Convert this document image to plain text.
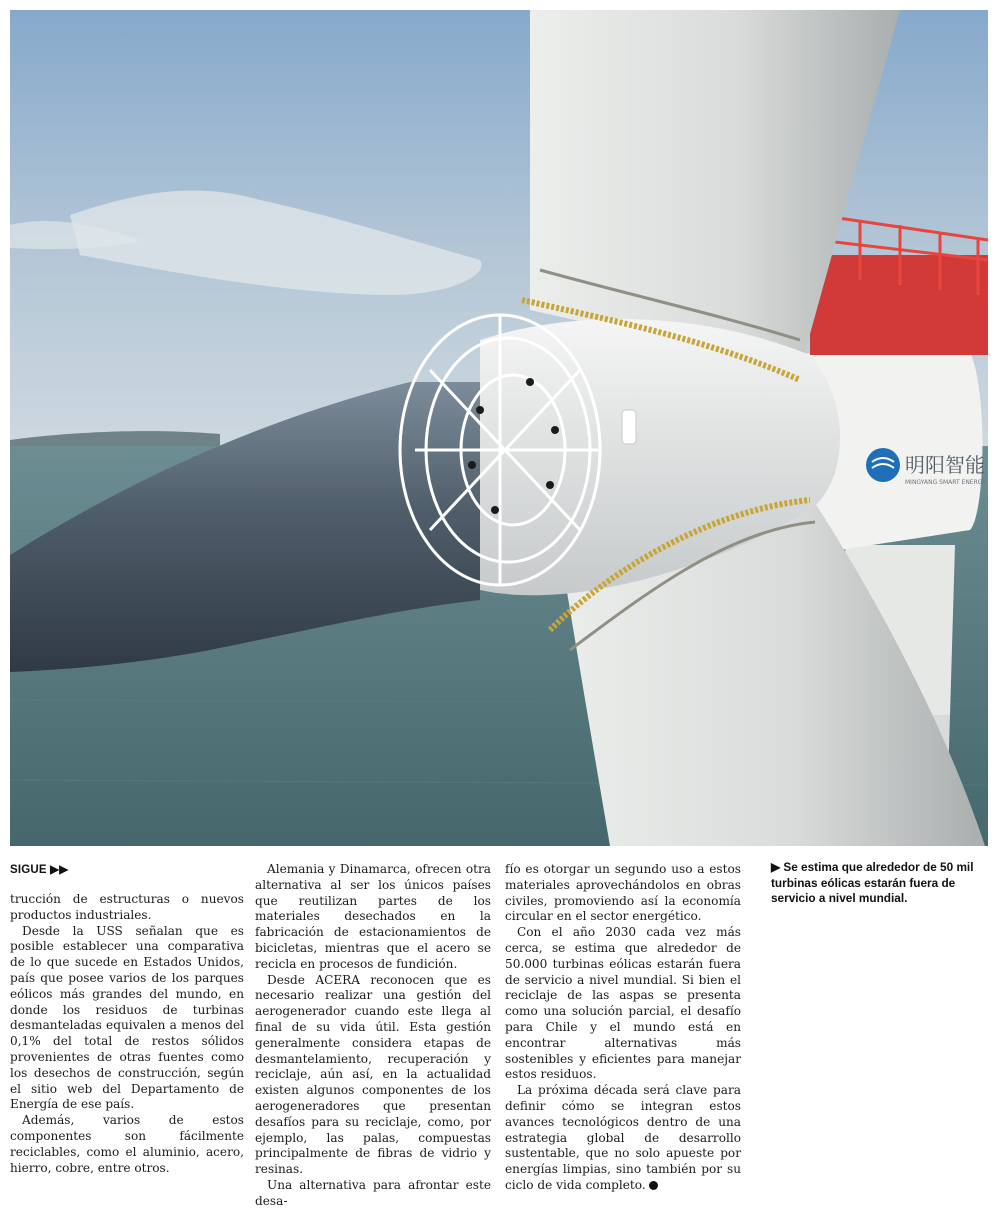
明阳智能
MINGYANG SMART ENERGY
SIGUE ▶▶

trucción de estructuras o nuevos productos industriales.

Desde la USS señalan que es posible establecer una comparativa de lo que sucede en Estados Unidos, país que posee varios de los parques eólicos más grandes del mundo, en donde los residuos de turbinas desmanteladas equivalen a menos del 0,1% del total de restos sólidos provenientes de otras fuentes como los desechos de construcción, según el sitio web del Departamento de Energía de ese país.

Además, varios de estos componentes son fácilmente reciclables, como el aluminio, acero, hierro, cobre, entre otros.

Alemania y Dinamarca, ofrecen otra alternativa al ser los únicos países que reutilizan partes de los materiales desechados en la fabricación de estacionamientos de bicicletas, mientras que el acero se recicla en procesos de fundición.

Desde ACERA reconocen que es necesario realizar una gestión del aerogenerador cuando este llega al final de su vida útil. Esta gestión generalmente considera etapas de desmantelamiento, recuperación y reciclaje, aún así, en la actualidad existen algunos componentes de los aerogeneradores que presentan desafíos para su reciclaje, como, por ejemplo, las palas, compuestas principalmente de fibras de vidrio y resinas.

Una alternativa para afrontar este desa-

fío es otorgar un segundo uso a estos materiales aprovechándolos en obras civiles, promoviendo así la economía circular en el sector energético.

Con el año 2030 cada vez más cerca, se estima que alrededor de 50.000 turbinas eólicas estarán fuera de servicio a nivel mundial. Si bien el reciclaje de las aspas se presenta como una solución parcial, el desafío para Chile y el mundo está en encontrar alternativas más sostenibles y eficientes para manejar estos residuos.

La próxima década será clave para definir cómo se integran estos avances tecnológicos dentro de una estrategia global de desarrollo sustentable, que no solo apueste por energías limpias, sino también por su ciclo de vida completo.

▶ Se estima que alrededor de 50 mil turbinas eólicas estarán fuera de servicio a nivel mundial.
